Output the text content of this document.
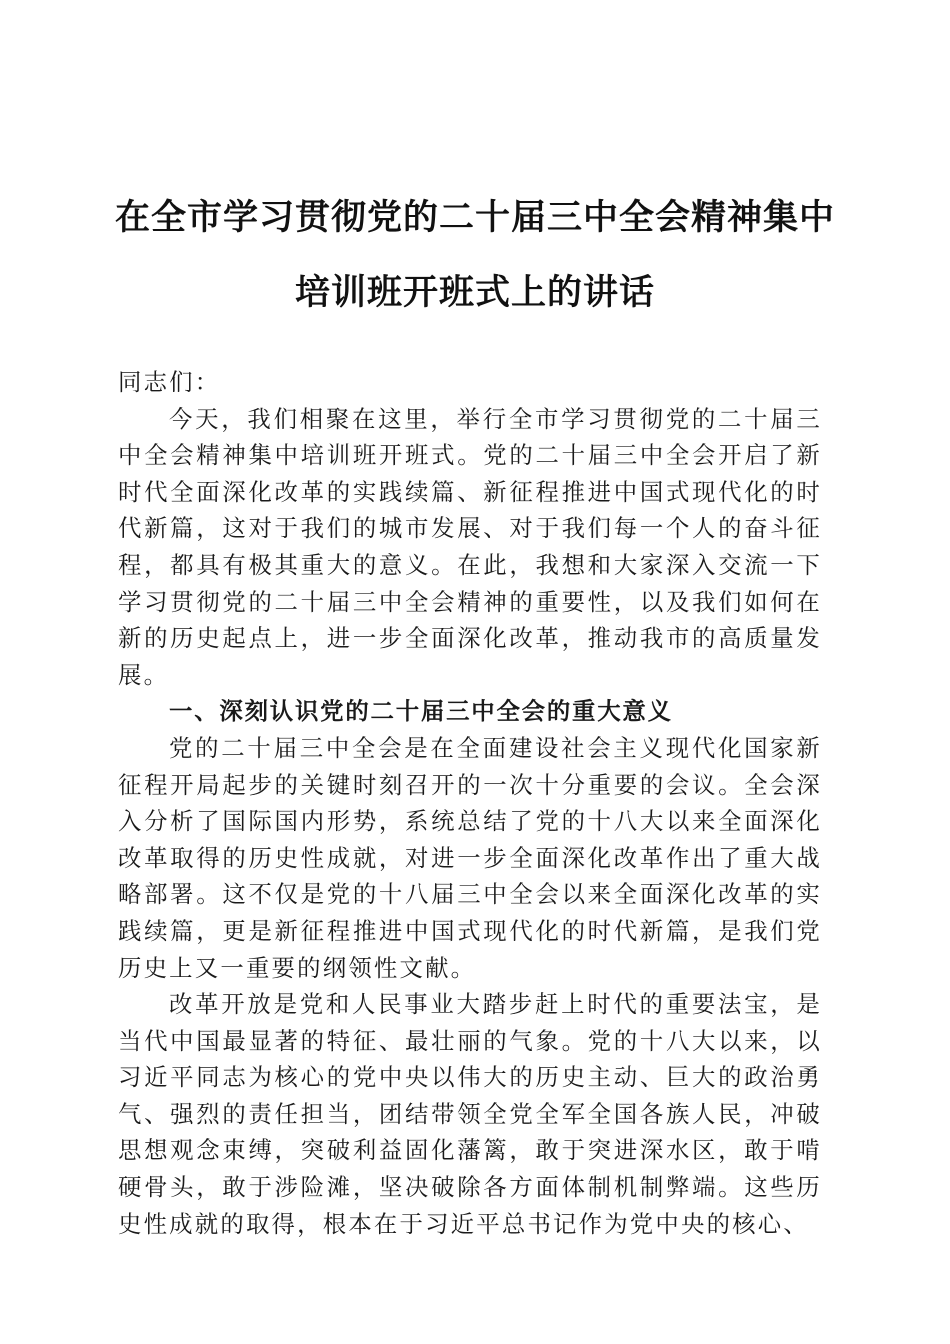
在全市学习贯彻党的二十届三中全会精神集中
培训班开班式上的讲话

同志们：

今天，我们相聚在这里，举行全市学习贯彻党的二十届三中全会精神集中培训班开班式。党的二十届三中全会开启了新时代全面深化改革的实践续篇、新征程推进中国式现代化的时代新篇，这对于我们的城市发展、对于我们每一个人的奋斗征程，都具有极其重大的意义。在此，我想和大家深入交流一下学习贯彻党的二十届三中全会精神的重要性，以及我们如何在新的历史起点上，进一步全面深化改革，推动我市的高质量发展。

一、深刻认识党的二十届三中全会的重大意义

党的二十届三中全会是在全面建设社会主义现代化国家新征程开局起步的关键时刻召开的一次十分重要的会议。全会深入分析了国际国内形势，系统总结了党的十八大以来全面深化改革取得的历史性成就，对进一步全面深化改革作出了重大战略部署。这不仅是党的十八届三中全会以来全面深化改革的实践续篇，更是新征程推进中国式现代化的时代新篇，是我们党历史上又一重要的纲领性文献。

改革开放是党和人民事业大踏步赶上时代的重要法宝，是当代中国最显著的特征、最壮丽的气象。党的十八大以来，以习近平同志为核心的党中央以伟大的历史主动、巨大的政治勇气、强烈的责任担当，团结带领全党全军全国各族人民，冲破思想观念束缚，突破利益固化藩篱，敢于突进深水区，敢于啃硬骨头，敢于涉险滩，坚决破除各方面体制机制弊端。这些历史性成就的取得，根本在于习近平总书记作为党中央的核心、
